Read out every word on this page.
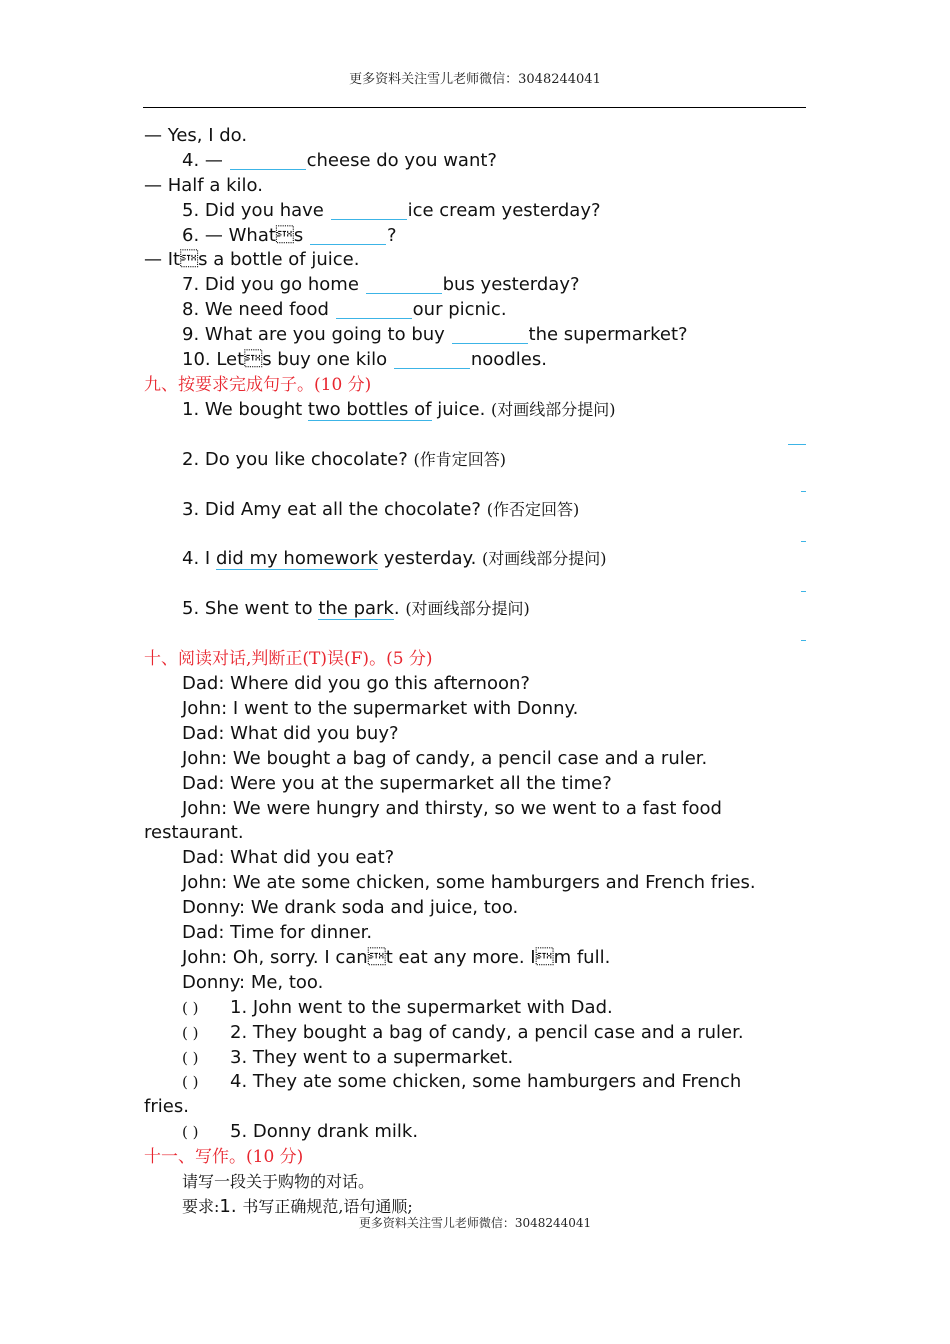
更多资料关注雪儿老师微信：3048244041
— Yes, I do.
4. —	cheese do you want?
— Half a kilo.
5. Did you have	ice cream yesterday?
6. — Whats	?
— Its a bottle of juice.
7. Did you go home	bus yesterday?
8. We need food	our picnic.
9. What are you going to buy	the supermarket?
10. Lets buy one kilo	noodles.
九、按要求完成句子。(10 分)
1. We bought two bottles of juice. (对画线部分提问)
2. Do you like chocolate? (作肯定回答)
3. Did Amy eat all the chocolate? (作否定回答)
4. I did my homework yesterday. (对画线部分提问)
5. She went to the park. (对画线部分提问)
十、阅读对话,判断正(T)误(F)。(5 分)
Dad: Where did you go this afternoon?
John: I went to the supermarket with Donny.
Dad: What did you buy?
John: We bought a bag of candy, a pencil case and a ruler.
Dad: Were you at the supermarket all the time?
John: We were hungry and thirsty, so we went to a fast food
restaurant.
Dad: What did you eat?
John: We ate some chicken, some hamburgers and French fries.
Donny: We drank soda and juice, too.
Dad: Time for dinner.
John: Oh, sorry. I cant eat any more. Im full.
Donny: Me, too.
( ) 1. John went to the supermarket with Dad.
( ) 2. They bought a bag of candy, a pencil case and a ruler.
( ) 3. They went to a supermarket.
( ) 4. They ate some chicken, some hamburgers and French
fries.
( ) 5. Donny drank milk.
十一、写作。(10 分)
请写一段关于购物的对话。
要求:1. 书写正确规范,语句通顺;
更多资料关注雪儿老师微信：3048244041
